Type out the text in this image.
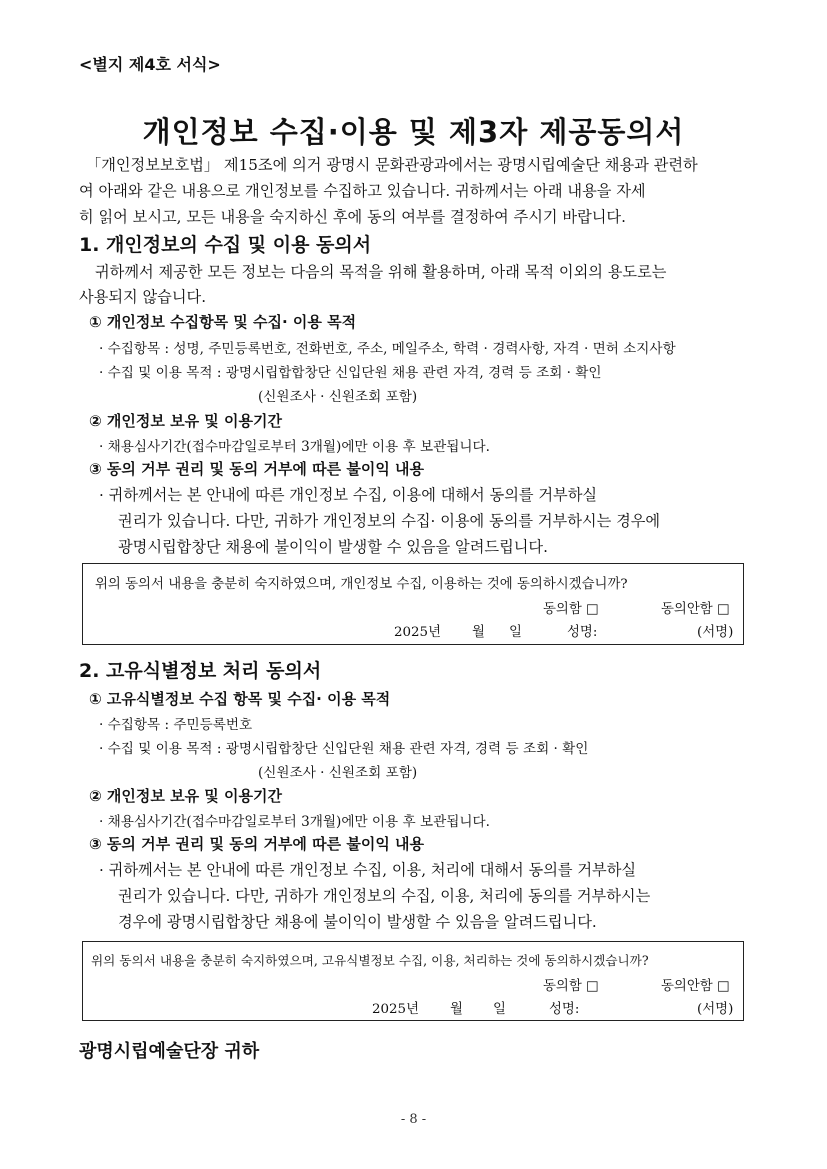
<별지 제4호 서식>
개인정보 수집·이용 및 제3자 제공동의서
「개인정보보호법」 제15조에 의거 광명시 문화관광과에서는 광명시립예술단 채용과 관련하
여 아래와 같은 내용으로 개인정보를 수집하고 있습니다. 귀하께서는 아래 내용을 자세
히 읽어 보시고, 모든 내용을 숙지하신 후에 동의 여부를 결정하여 주시기 바랍니다.
1. 개인정보의 수집 및 이용 동의서
귀하께서 제공한 모든 정보는 다음의 목적을 위해 활용하며, 아래 목적 이외의 용도로는
사용되지 않습니다.
① 개인정보 수집항목 및 수집· 이용 목적
· 수집항목 : 성명, 주민등록번호, 전화번호, 주소, 메일주소, 학력 · 경력사항, 자격 · 면허 소지사항
· 수집 및 이용 목적 : 광명시립합합창단 신입단원 채용 관련 자격, 경력 등 조회 · 확인
(신원조사 · 신원조회 포함)
② 개인정보 보유 및 이용기간
· 채용심사기간(접수마감일로부터 3개월)에만 이용 후 보관됩니다.
③ 동의 거부 권리 및 동의 거부에 따른 불이익 내용
· 귀하께서는 본 안내에 따른 개인정보 수집, 이용에 대해서 동의를 거부하실
권리가 있습니다. 다만, 귀하가 개인정보의 수집· 이용에 동의를 거부하시는 경우에
광명시립합창단 채용에 불이익이 발생할 수 있음을 알려드립니다.
위의 동의서 내용을 충분히 숙지하였으며, 개인정보 수집, 이용하는 것에 동의하시겠습니까?
동의함 □	동의안함 □
2025년 월 일	성명:	(서명)
2. 고유식별정보 처리 동의서
① 고유식별정보 수집 항목 및 수집· 이용 목적
· 수집항목 : 주민등록번호
· 수집 및 이용 목적 : 광명시립합창단 신입단원 채용 관련 자격, 경력 등 조회 · 확인
(신원조사 · 신원조회 포함)
② 개인정보 보유 및 이용기간
· 채용심사기간(접수마감일로부터 3개월)에만 이용 후 보관됩니다.
③ 동의 거부 권리 및 동의 거부에 따른 불이익 내용
· 귀하께서는 본 안내에 따른 개인정보 수집, 이용, 처리에 대해서 동의를 거부하실
권리가 있습니다. 다만, 귀하가 개인정보의 수집, 이용, 처리에 동의를 거부하시는
경우에 광명시립합창단 채용에 불이익이 발생할 수 있음을 알려드립니다.
위의 동의서 내용을 충분히 숙지하였으며, 고유식별정보 수집, 이용, 처리하는 것에 동의하시겠습니까?
동의함 □	동의안함 □
2025년 월 일	성명:	(서명)
광명시립예술단장 귀하
- 8 -
